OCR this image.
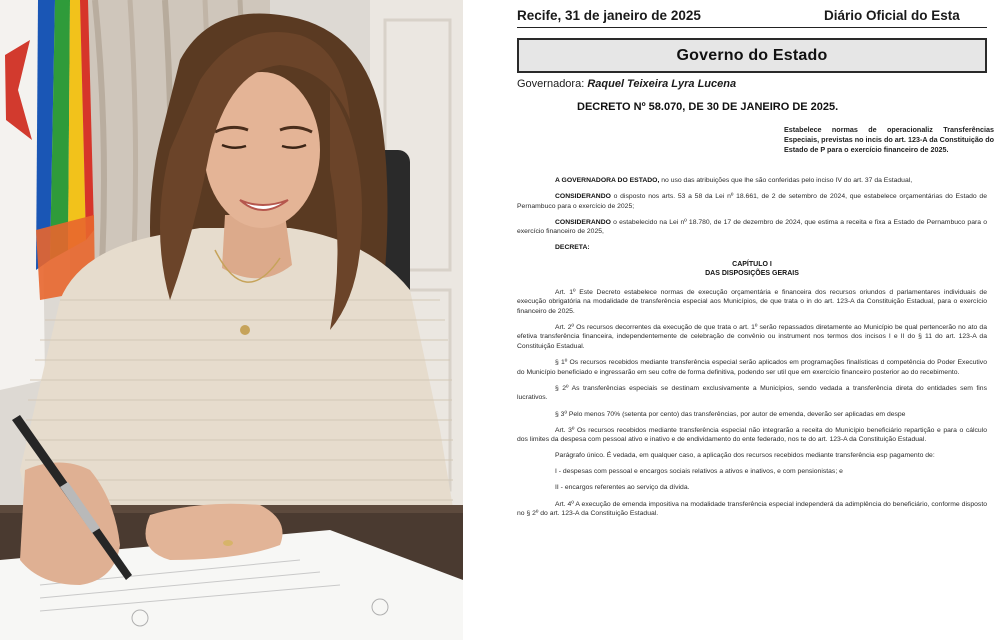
Recife, 31 de janeiro de 2025	Diário Oficial do Esta
Governo do Estado
Governadora: Raquel Teixeira Lyra Lucena
DECRETO Nº 58.070, DE 30 DE JANEIRO DE 2025.
Estabelece normas de operacionaliz Transferências Especiais, previstas no incis do art. 123-A da Constituição do Estado de P para o exercício financeiro de 2025.

A GOVERNADORA DO ESTADO, no uso das atribuições que lhe são conferidas pelo inciso IV do art. 37 da Estadual,

CONSIDERANDO o disposto nos arts. 53 a 58 da Lei nº 18.661, de 2 de setembro de 2024, que estabelece orçamentárias do Estado de Pernambuco para o exercício de 2025;

CONSIDERANDO o estabelecido na Lei nº 18.780, de 17 de dezembro de 2024, que estima a receita e fixa a Estado de Pernambuco para o exercício financeiro de 2025,

DECRETA:

CAPÍTULO I
DAS DISPOSIÇÕES GERAIS

Art. 1º Este Decreto estabelece normas de execução orçamentária e financeira dos recursos oriundos d parlamentares individuais de execução obrigatória na modalidade de transferência especial aos Municípios, de que trata o in do art. 123-A da Constituição Estadual, para o exercício financeiro de 2025.

Art. 2º Os recursos decorrentes da execução de que trata o art. 1º serão repassados diretamente ao Município be qual pertencerão no ato da efetiva transferência financeira, independentemente de celebração de convênio ou instrument nos termos dos incisos I e II do § 11 do art. 123-A da Constituição Estadual.

§ 1º Os recursos recebidos mediante transferência especial serão aplicados em programações finalísticas d competência do Poder Executivo do Município beneficiado e ingressarão em seu cofre de forma definitiva, podendo ser util que em exercício financeiro posterior ao do recebimento.

§ 2º As transferências especiais se destinam exclusivamente a Municípios, sendo vedada a transferência direta do entidades sem fins lucrativos.

§ 3º Pelo menos 70% (setenta por cento) das transferências, por autor de emenda, deverão ser aplicadas em despe

Art. 3º Os recursos recebidos mediante transferência especial não integrarão a receita do Município beneficiário repartição e para o cálculo dos limites da despesa com pessoal ativo e inativo e de endividamento do ente federado, nos te do art. 123-A da Constituição Estadual.

Parágrafo único. É vedada, em qualquer caso, a aplicação dos recursos recebidos mediante transferência esp pagamento de:

I - despesas com pessoal e encargos sociais relativos a ativos e inativos, e com pensionistas; e

II - encargos referentes ao serviço da dívida.

Art. 4º A execução de emenda impositiva na modalidade transferência especial independerá da adimplência do beneficiário, conforme disposto no § 2º do art. 123-A da Constituição Estadual.
